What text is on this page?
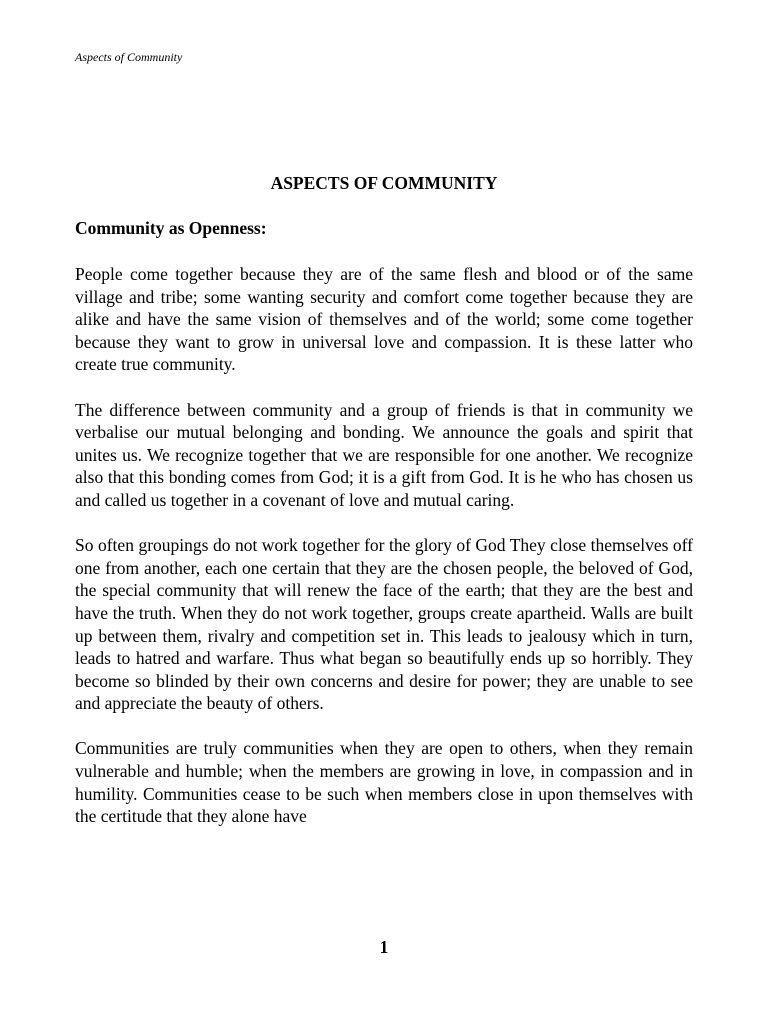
Aspects of Community
ASPECTS OF COMMUNITY
Community as Openness:

People come together because they are of the same flesh and blood or of the same village and tribe; some wanting security and comfort come together because they are alike and have the same vision of themselves and of the world; some come together because they want to grow in universal love and compassion. It is these latter who create true community.

The difference between community and a group of friends is that in community we verbalise our mutual belonging and bonding. We announce the goals and spirit that unites us. We recognize together that we are responsible for one another. We recognize also that this bonding comes from God; it is a gift from God. It is he who has chosen us and called us together in a covenant of love and mutual caring.

So often groupings do not work together for the glory of God They close themselves off one from another, each one certain that they are the chosen people, the beloved of God, the special community that will renew the face of the earth; that they are the best and have the truth. When they do not work together, groups create apartheid. Walls are built up between them, rivalry and competition set in. This leads to jealousy which in turn, leads to hatred and warfare. Thus what began so beautifully ends up so horribly. They become so blinded by their own concerns and desire for power; they are unable to see and appreciate the beauty of others.

Communities are truly communities when they are open to others, when they remain vulnerable and humble; when the members are growing in love, in compassion and in humility. Communities cease to be such when members close in upon themselves with the certitude that they alone have

1
